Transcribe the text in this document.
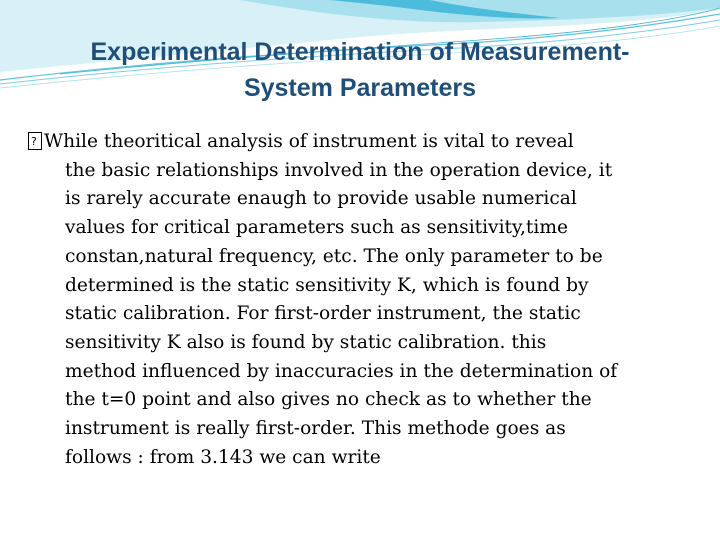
Experimental Determination of Measurement-
System Parameters
?While theoritical analysis of instrument is vital to reveal
the basic relationships involved in the operation device, it
is rarely accurate enaugh to provide usable numerical
values for critical parameters such as sensitivity,time
constan,natural frequency, etc. The only parameter to be
determined is the static sensitivity K, which is found by
static calibration. For first-order instrument, the static
sensitivity K also is found by static calibration. this
method influenced by inaccuracies in the determination of
the t=0 point and also gives no check as to whether the
instrument is really first-order. This methode goes as
follows : from 3.143 we can write
